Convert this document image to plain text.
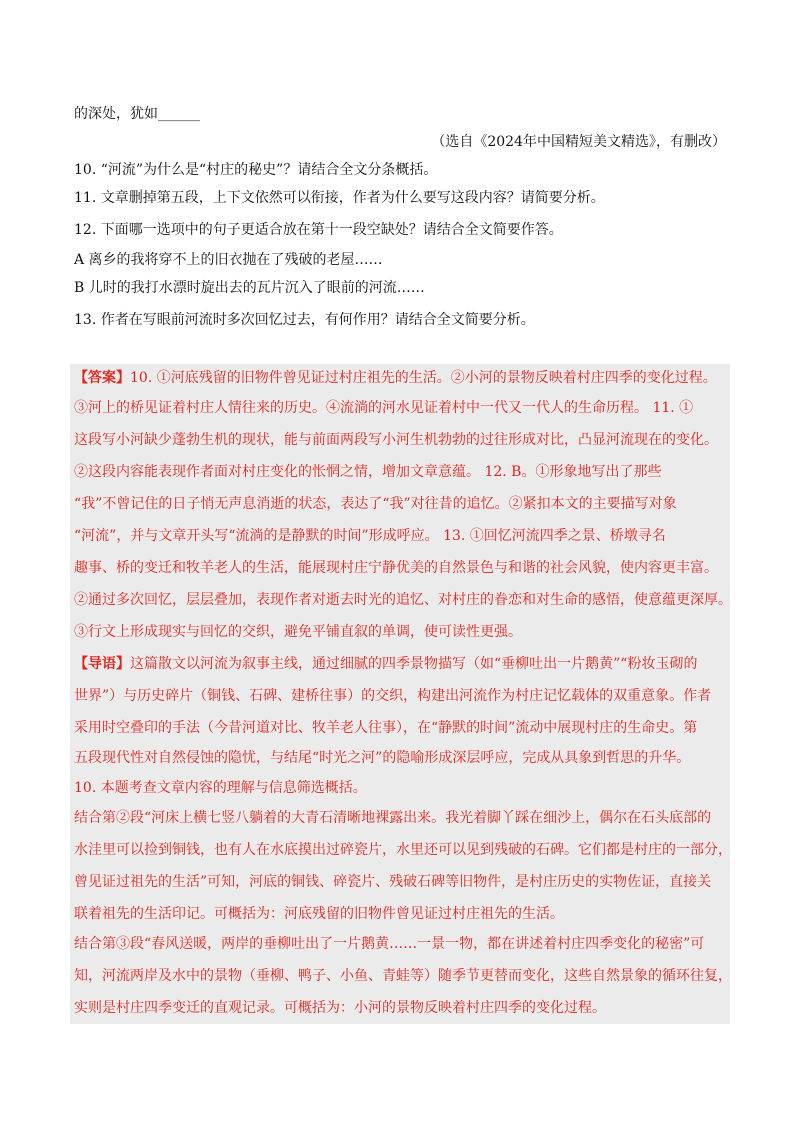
的深处，犹如______
（选自《2024年中国精短美文精选》，有删改）
10. “河流”为什么是“村庄的秘史”？请结合全文分条概括。
11. 文章删掉第五段，上下文依然可以衔接，作者为什么要写这段内容？请简要分析。
12. 下面哪一选项中的句子更适合放在第十一段空缺处？请结合全文简要作答。
A 离乡的我将穿不上的旧衣抛在了残破的老屋……
B 儿时的我打水漂时旋出去的瓦片沉入了眼前的河流……
13. 作者在写眼前河流时多次回忆过去，有何作用？请结合全文简要分析。
【答案】10. ①河底残留的旧物件曾见证过村庄祖先的生活。②小河的景物反映着村庄四季的变化过程。
③河上的桥见证着村庄人情往来的历史。④流淌的河水见证着村中一代又一代人的生命历程。 11. ①
这段写小河缺少蓬勃生机的现状，能与前面两段写小河生机勃勃的过往形成对比，凸显河流现在的变化。
②这段内容能表现作者面对村庄变化的怅惘之情，增加文章意蕴。 12. B。①形象地写出了那些
“我”不曾记住的日子悄无声息消逝的状态，表达了“我”对往昔的追忆。②紧扣本文的主要描写对象
“河流”，并与文章开头写“流淌的是静默的时间”形成呼应。 13. ①回忆河流四季之景、桥墩寻名
趣事、桥的变迁和牧羊老人的生活，能展现村庄宁静优美的自然景色与和谐的社会风貌，使内容更丰富。
②通过多次回忆，层层叠加，表现作者对逝去时光的追忆、对村庄的眷恋和对生命的感悟，使意蕴更深厚。
③行文上形成现实与回忆的交织，避免平铺直叙的单调，使可读性更强。
【导语】这篇散文以河流为叙事主线，通过细腻的四季景物描写（如“垂柳吐出一片鹅黄”“粉妆玉砌的
世界”）与历史碎片（铜钱、石碑、建桥往事）的交织，构建出河流作为村庄记忆载体的双重意象。作者
采用时空叠印的手法（今昔河道对比、牧羊老人往事），在“静默的时间”流动中展现村庄的生命史。第
五段现代性对自然侵蚀的隐忧，与结尾“时光之河”的隐喻形成深层呼应，完成从具象到哲思的升华。
10. 本题考查文章内容的理解与信息筛选概括。
结合第②段“河床上横七竖八躺着的大青石清晰地裸露出来。我光着脚丫踩在细沙上，偶尔在石头底部的
水洼里可以捡到铜钱，也有人在水底摸出过碎瓷片，水里还可以见到残破的石碑。它们都是村庄的一部分，
曾见证过祖先的生活”可知，河底的铜钱、碎瓷片、残破石碑等旧物件，是村庄历史的实物佐证，直接关
联着祖先的生活印记。可概括为：河底残留的旧物件曾见证过村庄祖先的生活。
结合第③段“春风送暖，两岸的垂柳吐出了一片鹅黄……一景一物，都在讲述着村庄四季变化的秘密”可
知，河流两岸及水中的景物（垂柳、鸭子、小鱼、青蛙等）随季节更替而变化，这些自然景象的循环往复，
实则是村庄四季变迁的直观记录。可概括为：小河的景物反映着村庄四季的变化过程。
